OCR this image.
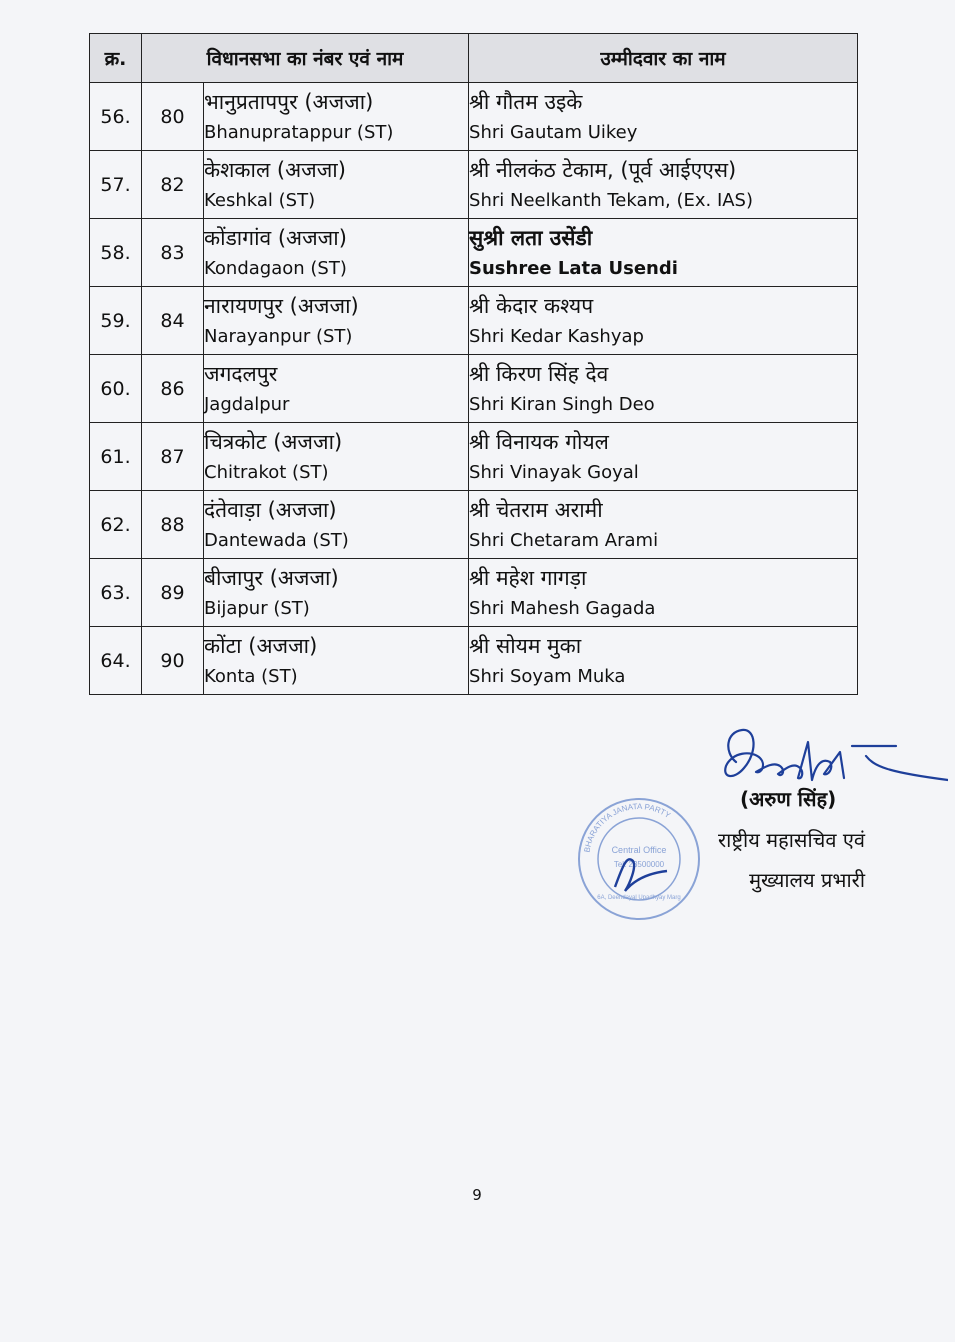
क्र.	विधानसभा का नंबर एवं नाम		उम्मीदवार का नाम
56.	80	भानुप्रतापपुर (अजजा)
Bhanupratappur (ST)	श्री गौतम उइके
Shri Gautam Uikey

57.	82	केशकाल (अजजा)
Keshkal (ST)	श्री नीलकंठ टेकाम, (पूर्व आईएएस)
Shri Neelkanth Tekam, (Ex. IAS)

58.	83	कोंडागांव (अजजा)
Kondagaon (ST)	सुश्री लता उसेंडी
Sushree Lata Usendi

59.	84	नारायणपुर (अजजा)
Narayanpur (ST)	श्री केदार कश्यप
Shri Kedar Kashyap

60.	86	जगदलपुर
Jagdalpur	श्री किरण सिंह देव
Shri Kiran Singh Deo

61.	87	चित्रकोट (अजजा)
Chitrakot (ST)	श्री विनायक गोयल
Shri Vinayak Goyal

62.	88	दंतेवाड़ा (अजजा)
Dantewada (ST)	श्री चेतराम अरामी
Shri Chetaram Arami

63.	89	बीजापुर (अजजा)
Bijapur (ST)	श्री महेश गागड़ा
Shri Mahesh Gagada

64.	90	कोंटा (अजजा)
Konta (ST)	श्री सोयम मुका
Shri Soyam Muka
BHARATIYA JANATA PARTY
Central Office
Tel: 23500000
6A, Deendayal Upadhyay Marg
(अरुण सिंह)
राष्ट्रीय महासचिव एवं
मुख्यालय प्रभारी
9
